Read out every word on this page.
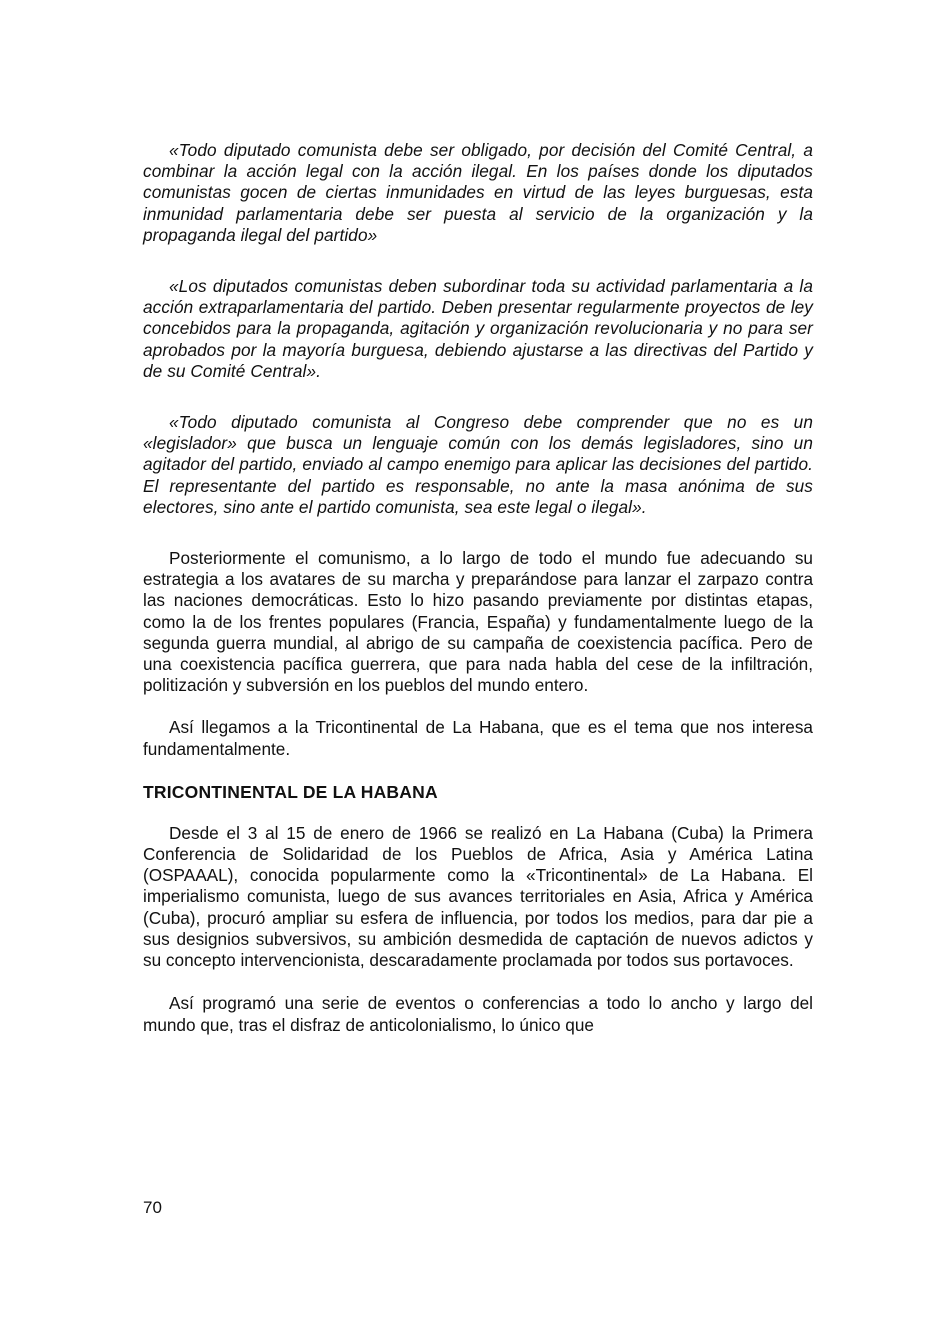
«Todo diputado comunista debe ser obligado, por decisión del Comité Central, a combinar la acción legal con la acción ilegal. En los países donde los diputados comunistas gocen de ciertas inmunidades en virtud de las leyes burguesas, esta inmunidad parlamentaria debe ser puesta al servicio de la organización y la propaganda ilegal del partido»

«Los diputados comunistas deben subordinar toda su actividad parlamentaria a la acción extraparlamentaria del partido. Deben presentar regularmente proyectos de ley concebidos para la propaganda, agitación y organización revolucionaria y no para ser aprobados por la mayoría burguesa, debiendo ajustarse a las directivas del Partido y de su Comité Central».

«Todo diputado comunista al Congreso debe comprender que no es un «legislador» que busca un lenguaje común con los demás legisladores, sino un agitador del partido, enviado al campo enemigo para aplicar las decisiones del partido. El representante del partido es responsable, no ante la masa anónima de sus electores, sino ante el partido comunista, sea este legal o ilegal».

Posteriormente el comunismo, a lo largo de todo el mundo fue adecuando su estrategia a los avatares de su marcha y preparándose para lanzar el zarpazo contra las naciones democráticas. Esto lo hizo pasando previamente por distintas etapas, como la de los frentes populares (Francia, España) y fundamentalmente luego de la segunda guerra mundial, al abrigo de su campaña de coexistencia pacífica. Pero de una coexistencia pacífica guerrera, que para nada habla del cese de la infiltración, politización y subversión en los pueblos del mundo entero.

Así llegamos a la Tricontinental de La Habana, que es el tema que nos interesa fundamentalmente.

TRICONTINENTAL DE LA HABANA

Desde el 3 al 15 de enero de 1966 se realizó en La Habana (Cuba) la Primera Conferencia de Solidaridad de los Pueblos de Africa, Asia y América Latina (OSPAAAL), conocida popularmente como la «Tricontinental» de La Habana. El imperialismo comunista, luego de sus avances territoriales en Asia, Africa y América (Cuba), procuró ampliar su esfera de influencia, por todos los medios, para dar pie a sus designios subversivos, su ambición desmedida de captación de nuevos adictos y su concepto intervencionista, descaradamente proclamada por todos sus portavoces.

Así programó una serie de eventos o conferencias a todo lo ancho y largo del mundo que, tras el disfraz de anticolonialismo, lo único que

70
